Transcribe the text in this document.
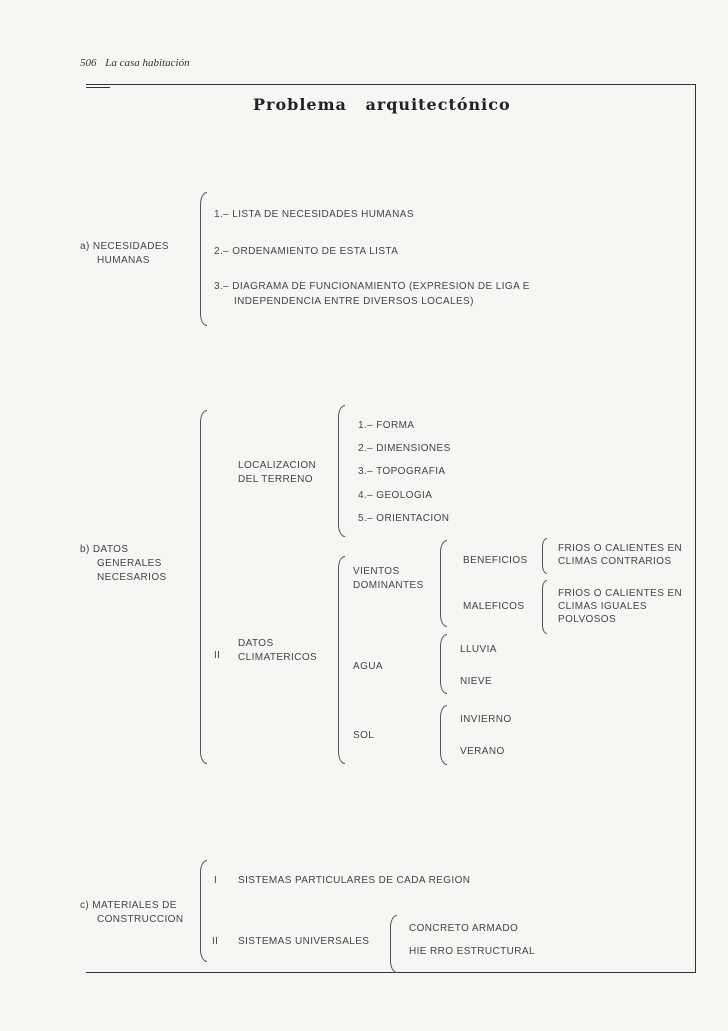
506 La casa habitación
Problema arquitectónico
a) NECESIDADES
HUMANAS
1.– LISTA DE NECESIDADES HUMANAS
2.– ORDENAMIENTO DE ESTA LISTA
3.– DIAGRAMA DE FUNCIONAMIENTO (EXPRESION DE LIGA E
INDEPENDENCIA ENTRE DIVERSOS LOCALES)
b) DATOS
GENERALES
NECESARIOS
LOCALIZACION
DEL TERRENO
1.– FORMA
2.– DIMENSIONES
3.– TOPOGRAFIA
4.– GEOLOGIA
5.– ORIENTACION
II
DATOS
CLIMATERICOS
VIENTOS
DOMINANTES
BENEFICIOS
FRIOS O CALIENTES EN
CLIMAS CONTRARIOS
MALEFICOS
FRIOS O CALIENTES EN
CLIMAS IGUALES
POLVOSOS
AGUA
LLUVIA
NIEVE
SOL
INVIERNO
VERANO
c) MATERIALES DE
CONSTRUCCION
I SISTEMAS PARTICULARES DE CADA REGION
II SISTEMAS UNIVERSALES
CONCRETO ARMADO
HIE RRO ESTRUCTURAL
